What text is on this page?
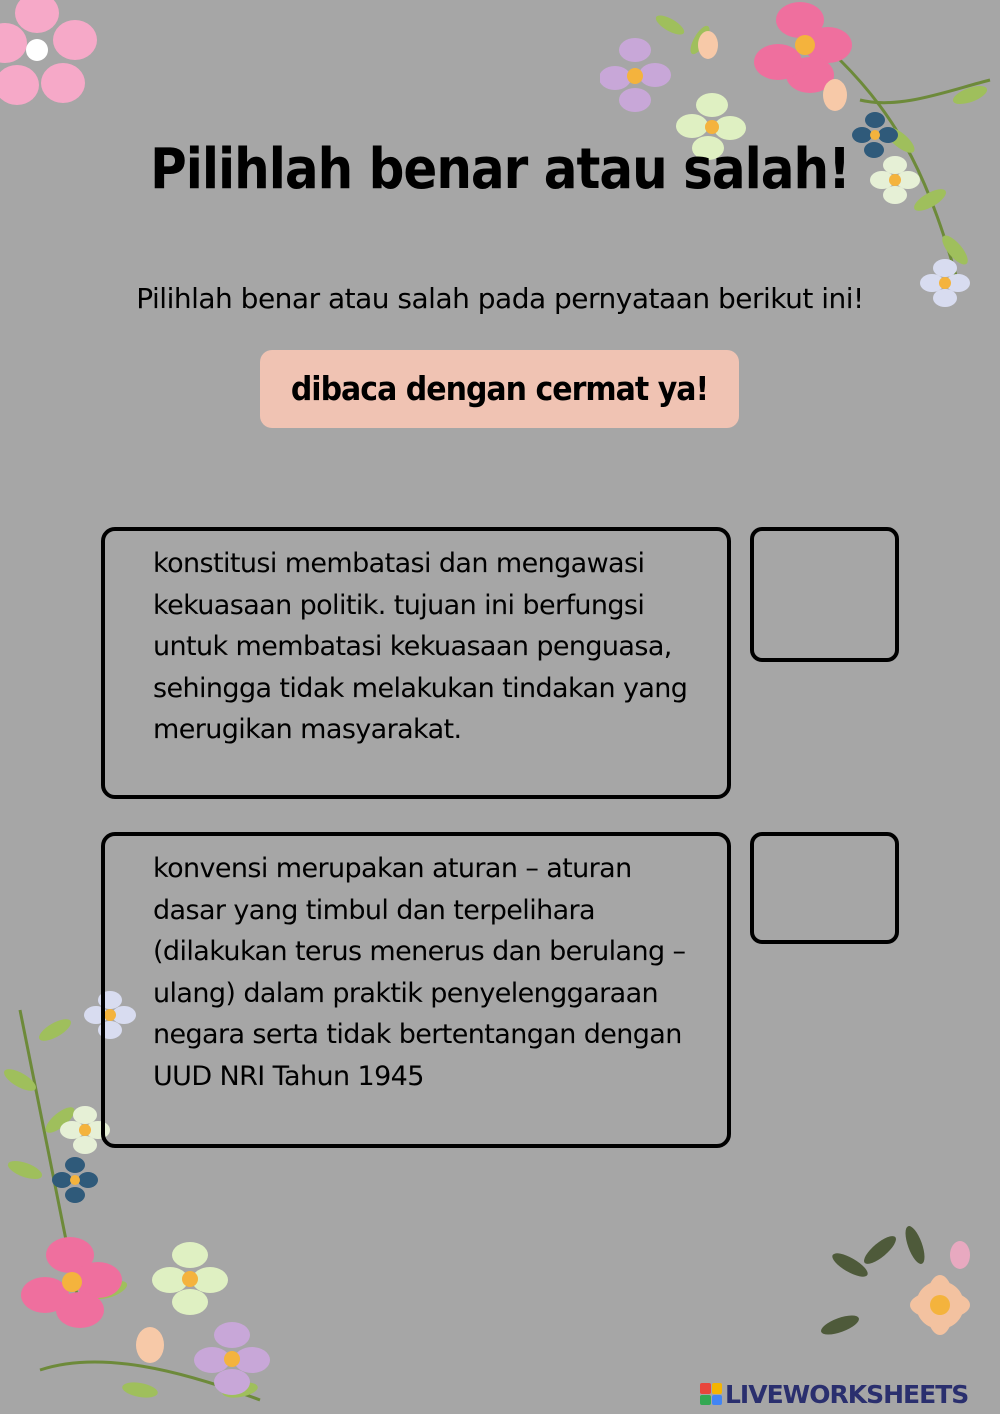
Pilihlah benar atau salah!
Pilihlah benar atau salah pada pernyataan berikut ini!
dibaca dengan cermat ya!
konstitusi membatasi dan mengawasi
kekuasaan politik. tujuan ini berfungsi
untuk membatasi kekuasaan penguasa,
sehingga tidak melakukan tindakan yang
merugikan masyarakat.
konvensi merupakan aturan – aturan
dasar yang timbul dan terpelihara
(dilakukan terus menerus dan berulang –
ulang) dalam praktik penyelenggaraan
negara serta tidak bertentangan dengan
UUD NRI Tahun 1945
LIVEWORKSHEETS
